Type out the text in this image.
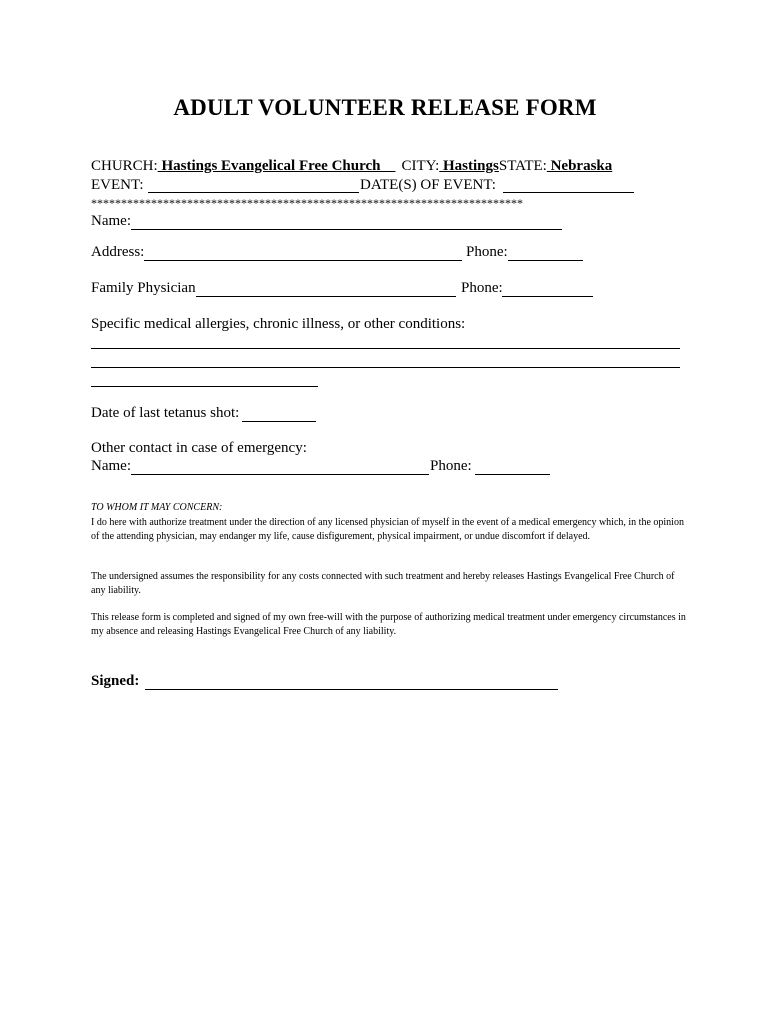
ADULT VOLUNTEER RELEASE FORM
CHURCH: Hastings Evangelical Free Church    CITY: HastingsSTATE: Nebraska
EVENT:	DATE(S) OF EVENT:
************************************************************************
Name:
Address:	Phone:
Family Physician	Phone:
Specific medical allergies, chronic illness, or other conditions:
Date of last tetanus shot:
Other contact in case of emergency:
Name:	Phone:
TO WHOM IT MAY CONCERN:
I do here with authorize treatment under the direction of any licensed physician of myself in the event of a medical emergency which, in the opinion of the attending physician, may endanger my life, cause disfigurement, physical impairment, or undue discomfort if delayed.
The undersigned assumes the responsibility for any costs connected with such treatment and hereby releases Hastings Evangelical Free Church of any liability.
This release form is completed and signed of my own free-will with the purpose of authorizing medical treatment under emergency circumstances in my absence and releasing Hastings Evangelical Free Church of any liability.
Signed:
